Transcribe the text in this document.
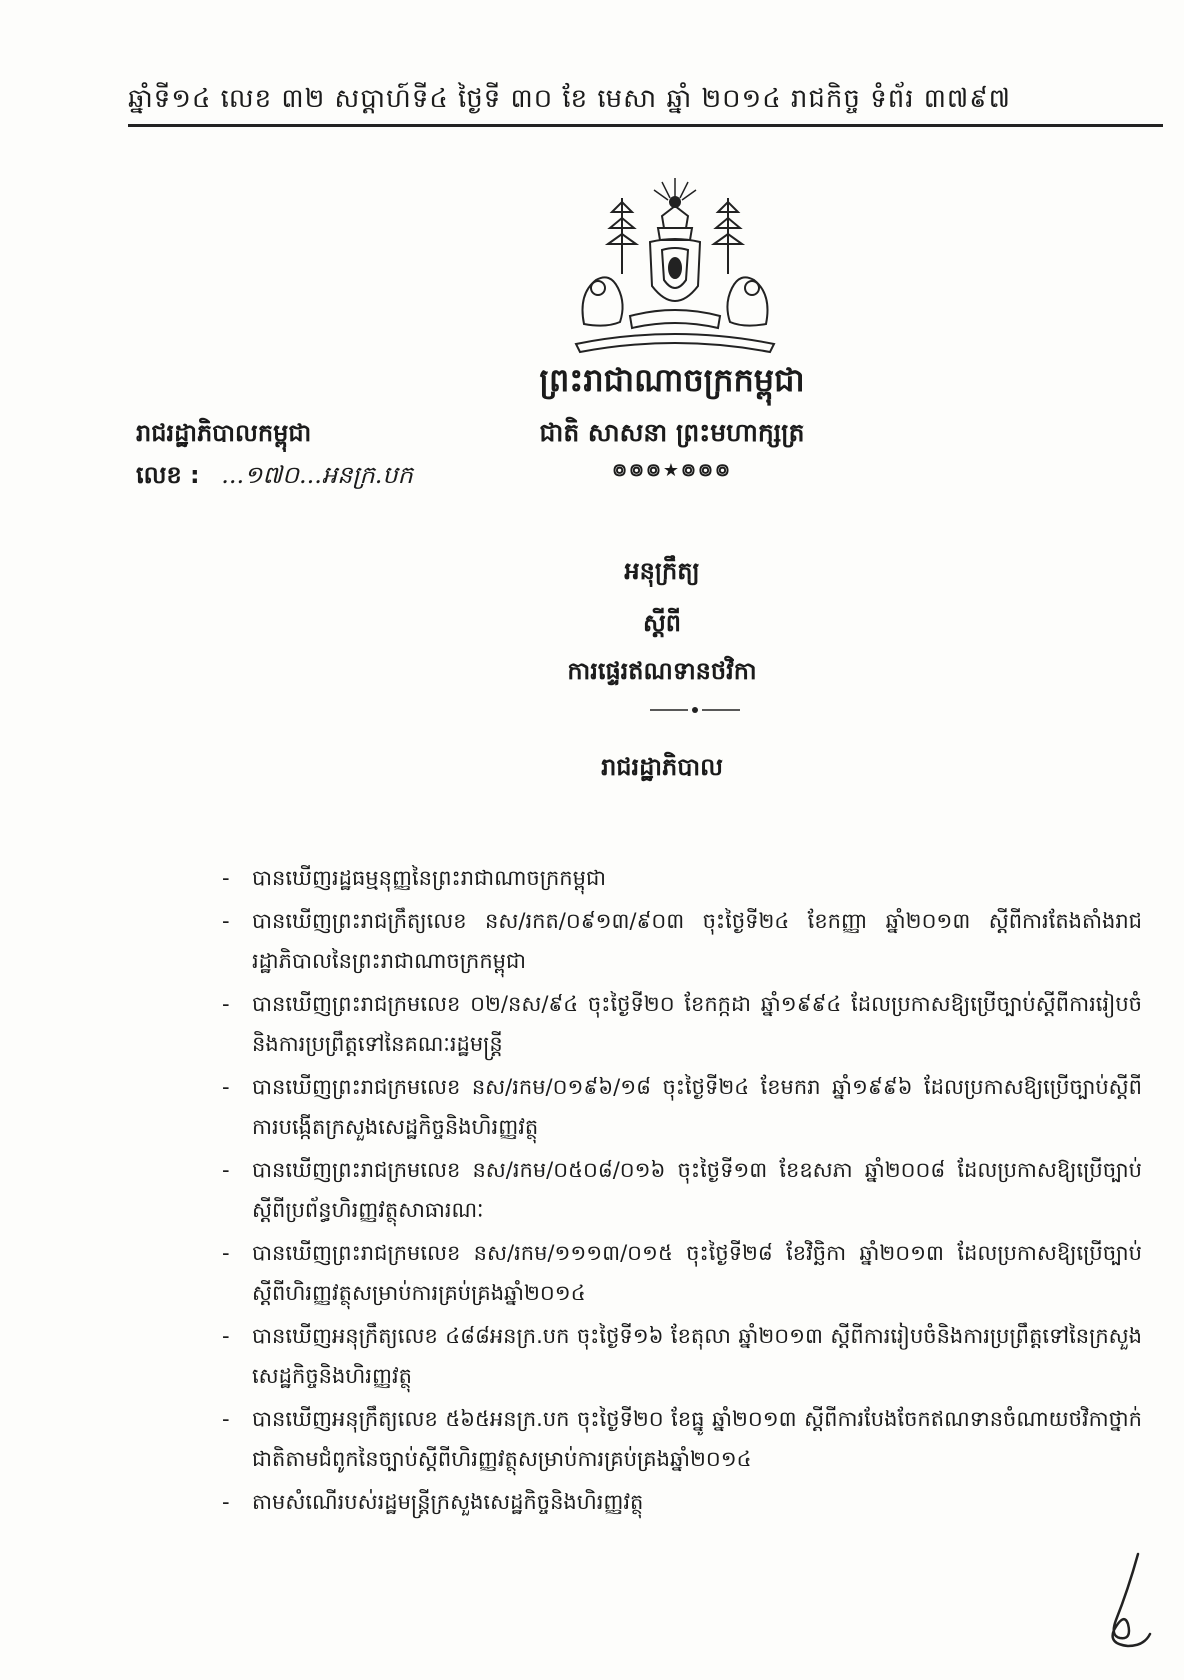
ឆ្នាំទី១៤ លេខ ៣២ សប្តាហ៍ទី៤ ថ្ងៃទី ៣០ ខែ មេសា ឆ្នាំ ២០១៤ រាជកិច្ច ទំព័រ ៣៧៩៧
ព្រះរាជាណាចក្រកម្ពុជា
ជាតិ សាសនា ព្រះមហាក្សត្រ
៙៙៙★៙៙៙
រាជរដ្ឋាភិបាលកម្ពុជា
លេខ : ...១៧០...អនក្រ.បក
អនុក្រឹត្យ
ស្តីពី
ការផ្ទេរឥណទានថវិកា
រាជរដ្ឋាភិបាល
- បានឃើញរដ្ឋធម្មនុញ្ញនៃព្រះរាជាណាចក្រកម្ពុជា
- បានឃើញព្រះរាជក្រឹត្យលេខ នស/រកត/០៩១៣/៩០៣ ចុះថ្ងៃទី២៤ ខែកញ្ញា ឆ្នាំ២០១៣ ស្តីពីការតែងតាំងរាជរដ្ឋាភិបាលនៃព្រះរាជាណាចក្រកម្ពុជា
- បានឃើញព្រះរាជក្រមលេខ ០២/នស/៩៤ ចុះថ្ងៃទី២០ ខែកក្កដា ឆ្នាំ១៩៩៤ ដែលប្រកាសឱ្យប្រើច្បាប់ស្តីពីការរៀបចំនិងការប្រព្រឹត្តទៅនៃគណៈរដ្ឋមន្ត្រី
- បានឃើញព្រះរាជក្រមលេខ នស/រកម/០១៩៦/១៨ ចុះថ្ងៃទី២៤ ខែមករា ឆ្នាំ១៩៩៦ ដែលប្រកាសឱ្យប្រើច្បាប់ស្តីពីការបង្កើតក្រសួងសេដ្ឋកិច្ចនិងហិរញ្ញវត្ថុ
- បានឃើញព្រះរាជក្រមលេខ នស/រកម/០៥០៨/០១៦ ចុះថ្ងៃទី១៣ ខែឧសភា ឆ្នាំ២០០៨ ដែលប្រកាសឱ្យប្រើច្បាប់ស្តីពីប្រព័ន្ធហិរញ្ញវត្ថុសាធារណៈ
- បានឃើញព្រះរាជក្រមលេខ នស/រកម/១១១៣/០១៥ ចុះថ្ងៃទី២៨ ខែវិច្ឆិកា ឆ្នាំ២០១៣ ដែលប្រកាសឱ្យប្រើច្បាប់ស្តីពីហិរញ្ញវត្ថុសម្រាប់ការគ្រប់គ្រងឆ្នាំ២០១៤
- បានឃើញអនុក្រឹត្យលេខ ៤៨៨អនក្រ.បក ចុះថ្ងៃទី១៦ ខែតុលា ឆ្នាំ២០១៣ ស្តីពីការរៀបចំនិងការប្រព្រឹត្តទៅនៃក្រសួងសេដ្ឋកិច្ចនិងហិរញ្ញវត្ថុ
- បានឃើញអនុក្រឹត្យលេខ ៥៦៥អនក្រ.បក ចុះថ្ងៃទី២០ ខែធ្នូ ឆ្នាំ២០១៣ ស្តីពីការបែងចែកឥណទានចំណាយថវិកាថ្នាក់ជាតិតាមជំពូកនៃច្បាប់ស្តីពីហិរញ្ញវត្ថុសម្រាប់ការគ្រប់គ្រងឆ្នាំ២០១៤
- តាមសំណើរបស់រដ្ឋមន្ត្រីក្រសួងសេដ្ឋកិច្ចនិងហិរញ្ញវត្ថុ
